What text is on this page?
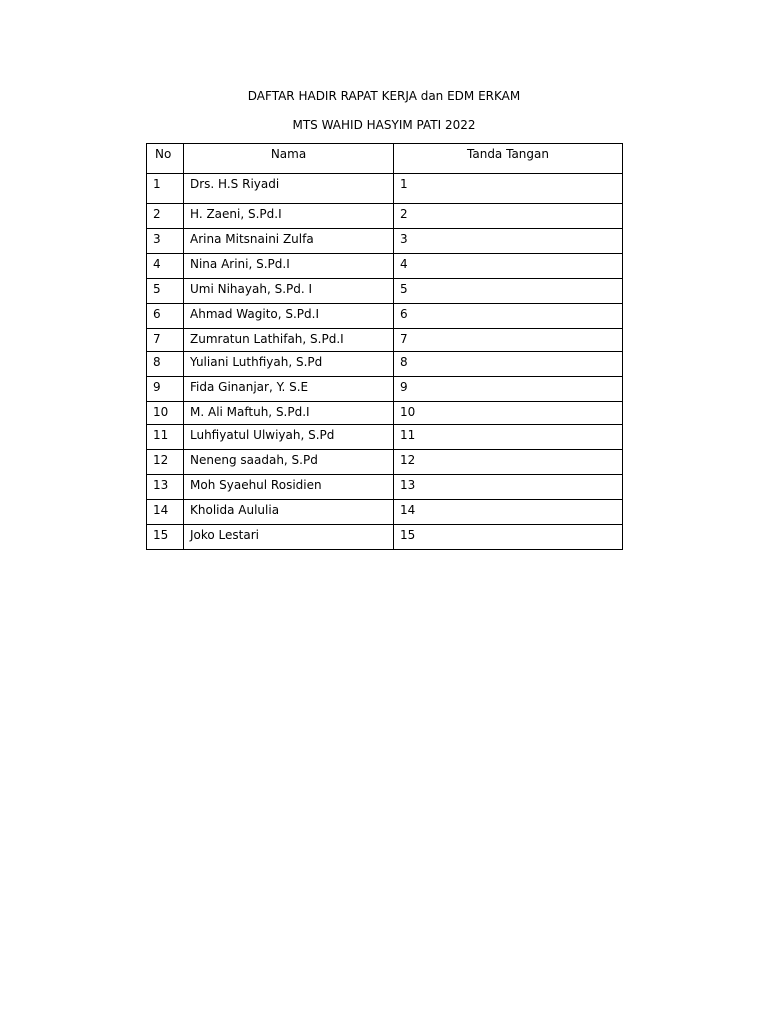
DAFTAR HADIR RAPAT KERJA dan EDM ERKAM
MTS WAHID HASYIM PATI 2022
No	Nama	Tanda Tangan
1	Drs. H.S Riyadi	1
2	H. Zaeni, S.Pd.I	2
3	Arina Mitsnaini Zulfa	3
4	Nina Arini, S.Pd.I	4
5	Umi Nihayah, S.Pd. I	5
6	Ahmad Wagito, S.Pd.I	6
7	Zumratun Lathifah, S.Pd.I	7
8	Yuliani Luthfiyah, S.Pd	8
9	Fida Ginanjar, Y. S.E	9
10	M. Ali Maftuh, S.Pd.I	10
11	Luhfiyatul Ulwiyah, S.Pd	11
12	Neneng saadah, S.Pd	12
13	Moh Syaehul Rosidien	13
14	Kholida Aululia	14
15	Joko Lestari	15
